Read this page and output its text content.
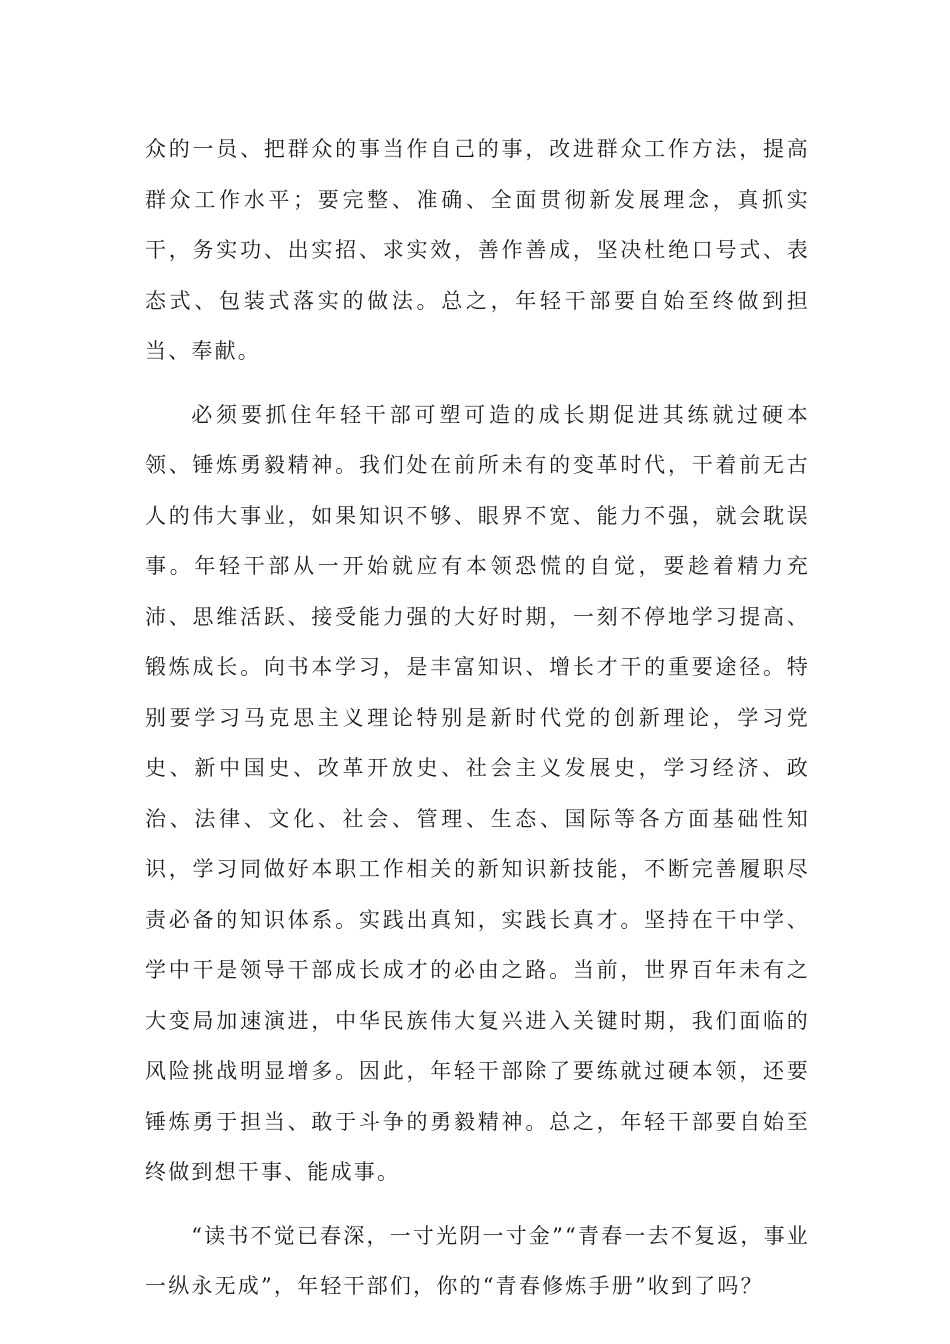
众的一员、把群众的事当作自己的事，改进群众工作方法，提高群众工作水平；要完整、准确、全面贯彻新发展理念，真抓实干，务实功、出实招、求实效，善作善成，坚决杜绝口号式、表态式、包装式落实的做法。总之，年轻干部要自始至终做到担当、奉献。

必须要抓住年轻干部可塑可造的成长期促进其练就过硬本领、锤炼勇毅精神。我们处在前所未有的变革时代，干着前无古人的伟大事业，如果知识不够、眼界不宽、能力不强，就会耽误事。年轻干部从一开始就应有本领恐慌的自觉，要趁着精力充沛、思维活跃、接受能力强的大好时期，一刻不停地学习提高、锻炼成长。向书本学习，是丰富知识、增长才干的重要途径。特别要学习马克思主义理论特别是新时代党的创新理论，学习党史、新中国史、改革开放史、社会主义发展史，学习经济、政治、法律、文化、社会、管理、生态、国际等各方面基础性知识，学习同做好本职工作相关的新知识新技能，不断完善履职尽责必备的知识体系。实践出真知，实践长真才。坚持在干中学、学中干是领导干部成长成才的必由之路。当前，世界百年未有之大变局加速演进，中华民族伟大复兴进入关键时期，我们面临的风险挑战明显增多。因此，年轻干部除了要练就过硬本领，还要锤炼勇于担当、敢于斗争的勇毅精神。总之，年轻干部要自始至终做到想干事、能成事。

“读书不觉已春深，一寸光阴一寸金”“青春一去不复返，事业一纵永无成”，年轻干部们，你的“青春修炼手册”收到了吗？
